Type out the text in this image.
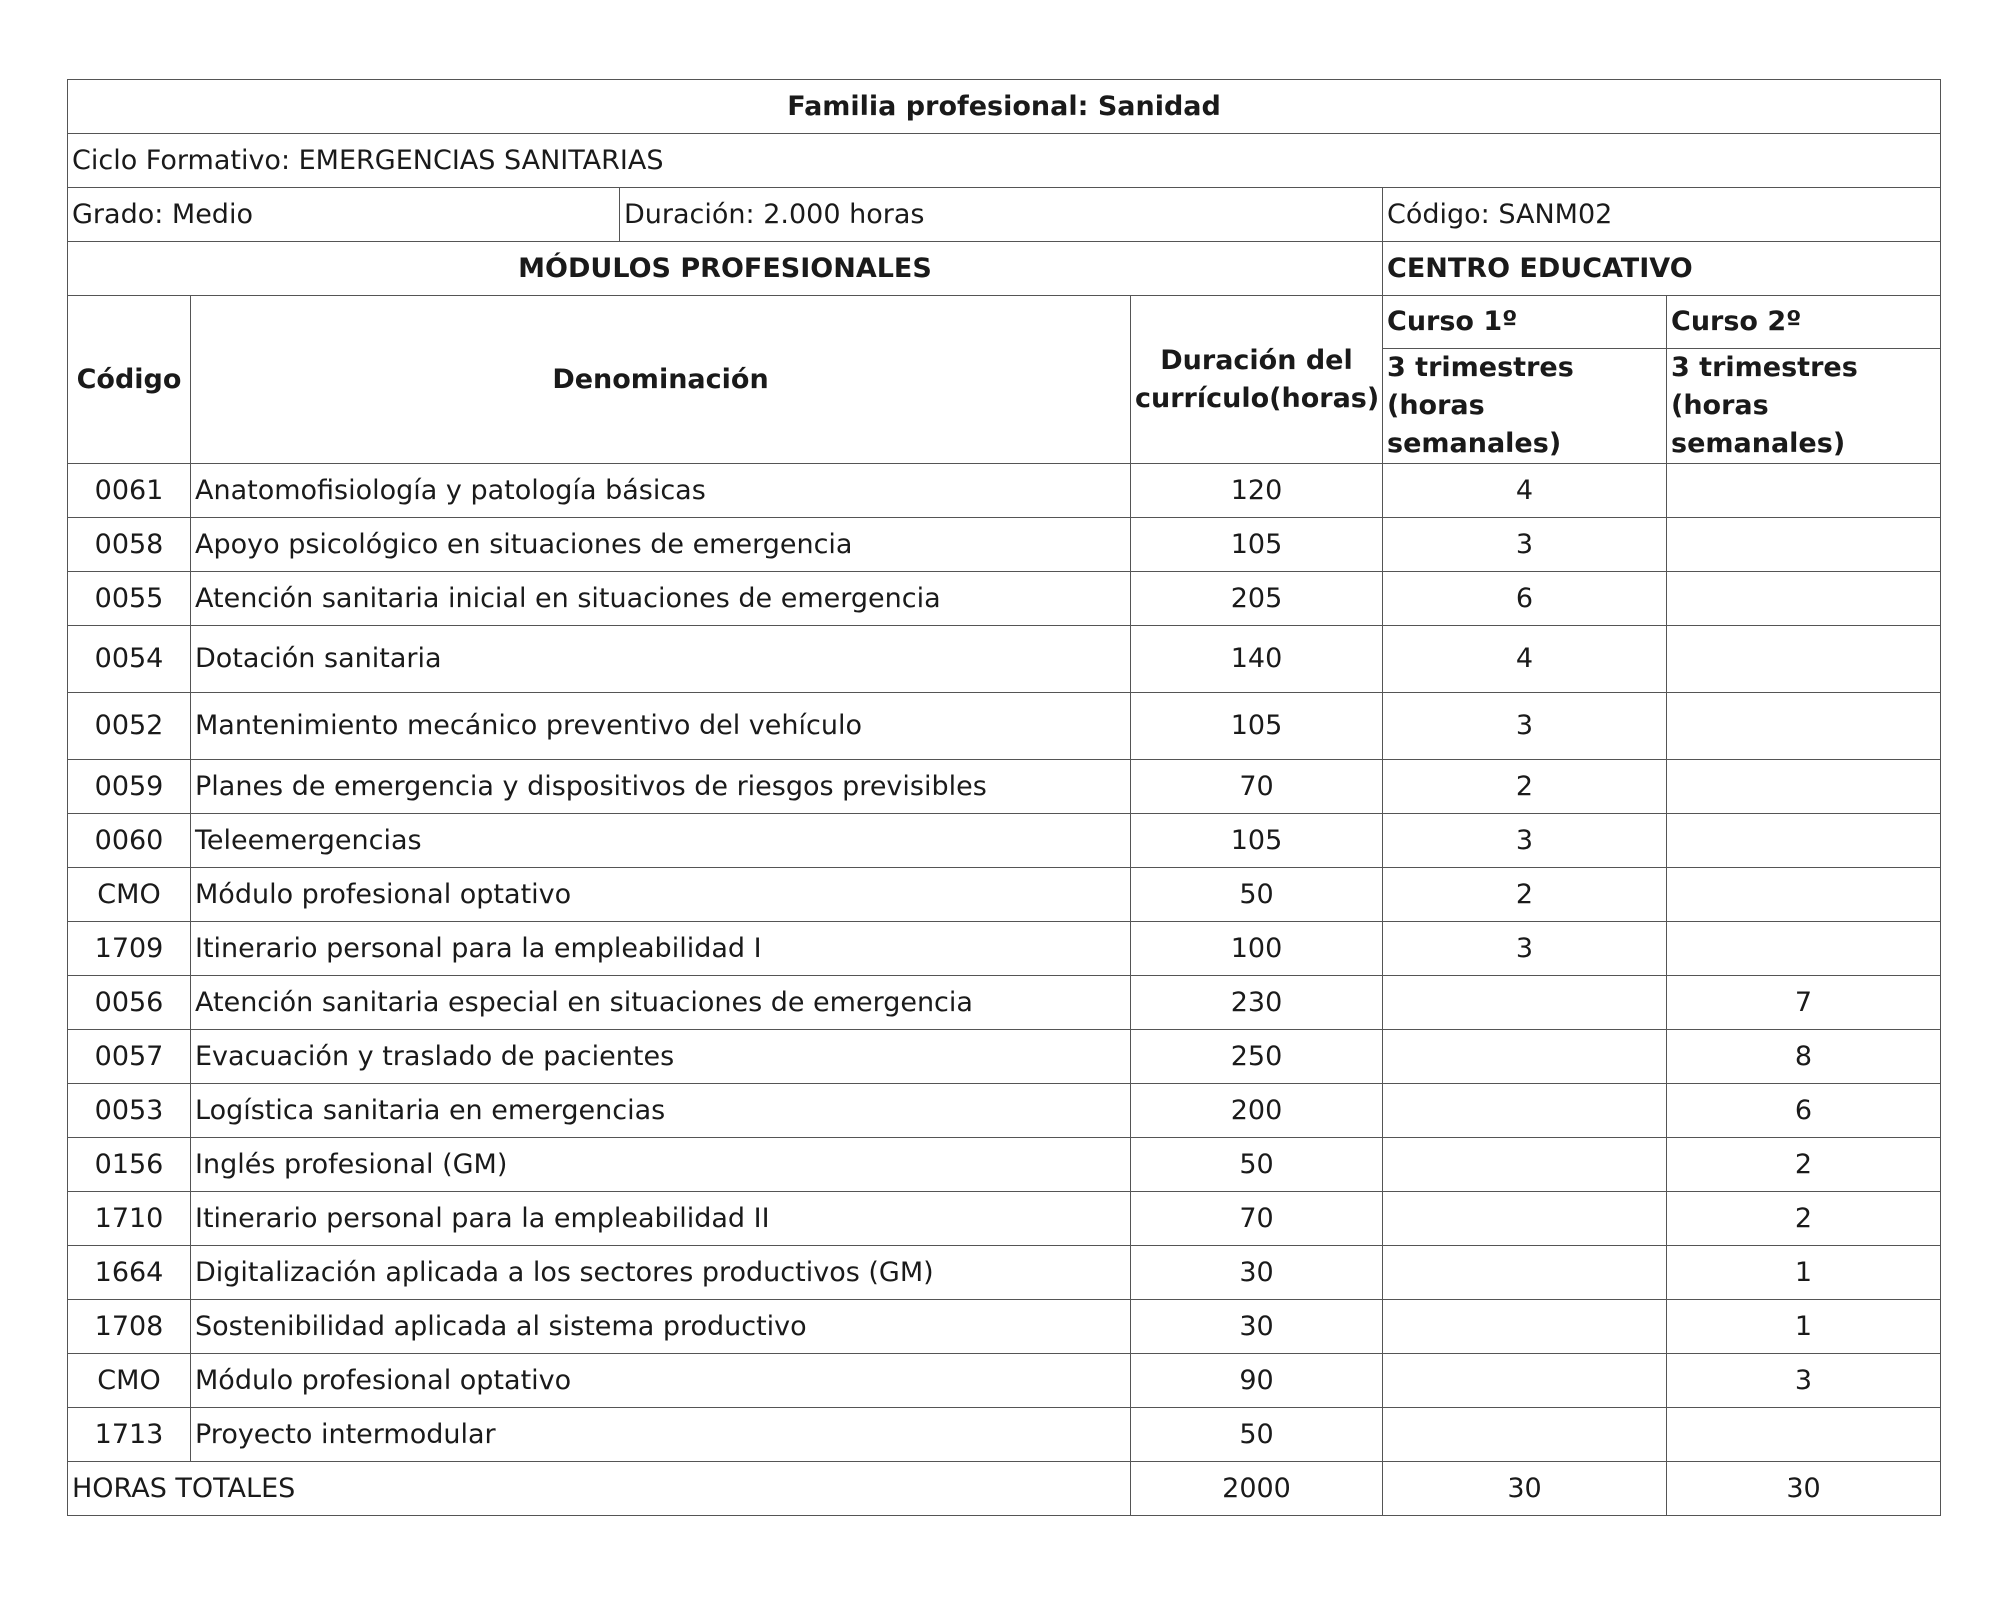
Familia profesional: Sanidad					
Ciclo Formativo: EMERGENCIAS SANITARIAS					
Grado: Medio		Duración: 2.000 horas		Código: SANM02	
MÓDULOS PROFESIONALES				CENTRO EDUCATIVO	
Código	Denominación		Duración del currículo(horas)	Curso 1º	Curso 2º
				3 trimestres (horas semanales)	3 trimestres (horas semanales)
0061	Anatomofisiología y patología básicas		120	4	
0058	Apoyo psicológico en situaciones de emergencia		105	3	
0055	Atención sanitaria inicial en situaciones de emergencia		205	6	
0054	Dotación sanitaria		140	4	
0052	Mantenimiento mecánico preventivo del vehículo		105	3	
0059	Planes de emergencia y dispositivos de riesgos previsibles		70	2	
0060	Teleemergencias		105	3	
CMO	Módulo profesional optativo		50	2	
1709	Itinerario personal para la empleabilidad I		100	3	
0056	Atención sanitaria especial en situaciones de emergencia		230		7
0057	Evacuación y traslado de pacientes		250		8
0053	Logística sanitaria en emergencias		200		6
0156	Inglés profesional (GM)		50		2
1710	Itinerario personal para la empleabilidad II		70		2
1664	Digitalización aplicada a los sectores productivos (GM)		30		1
1708	Sostenibilidad aplicada al sistema productivo		30		1
CMO	Módulo profesional optativo		90		3
1713	Proyecto intermodular		50		
HORAS TOTALES			2000	30	30
